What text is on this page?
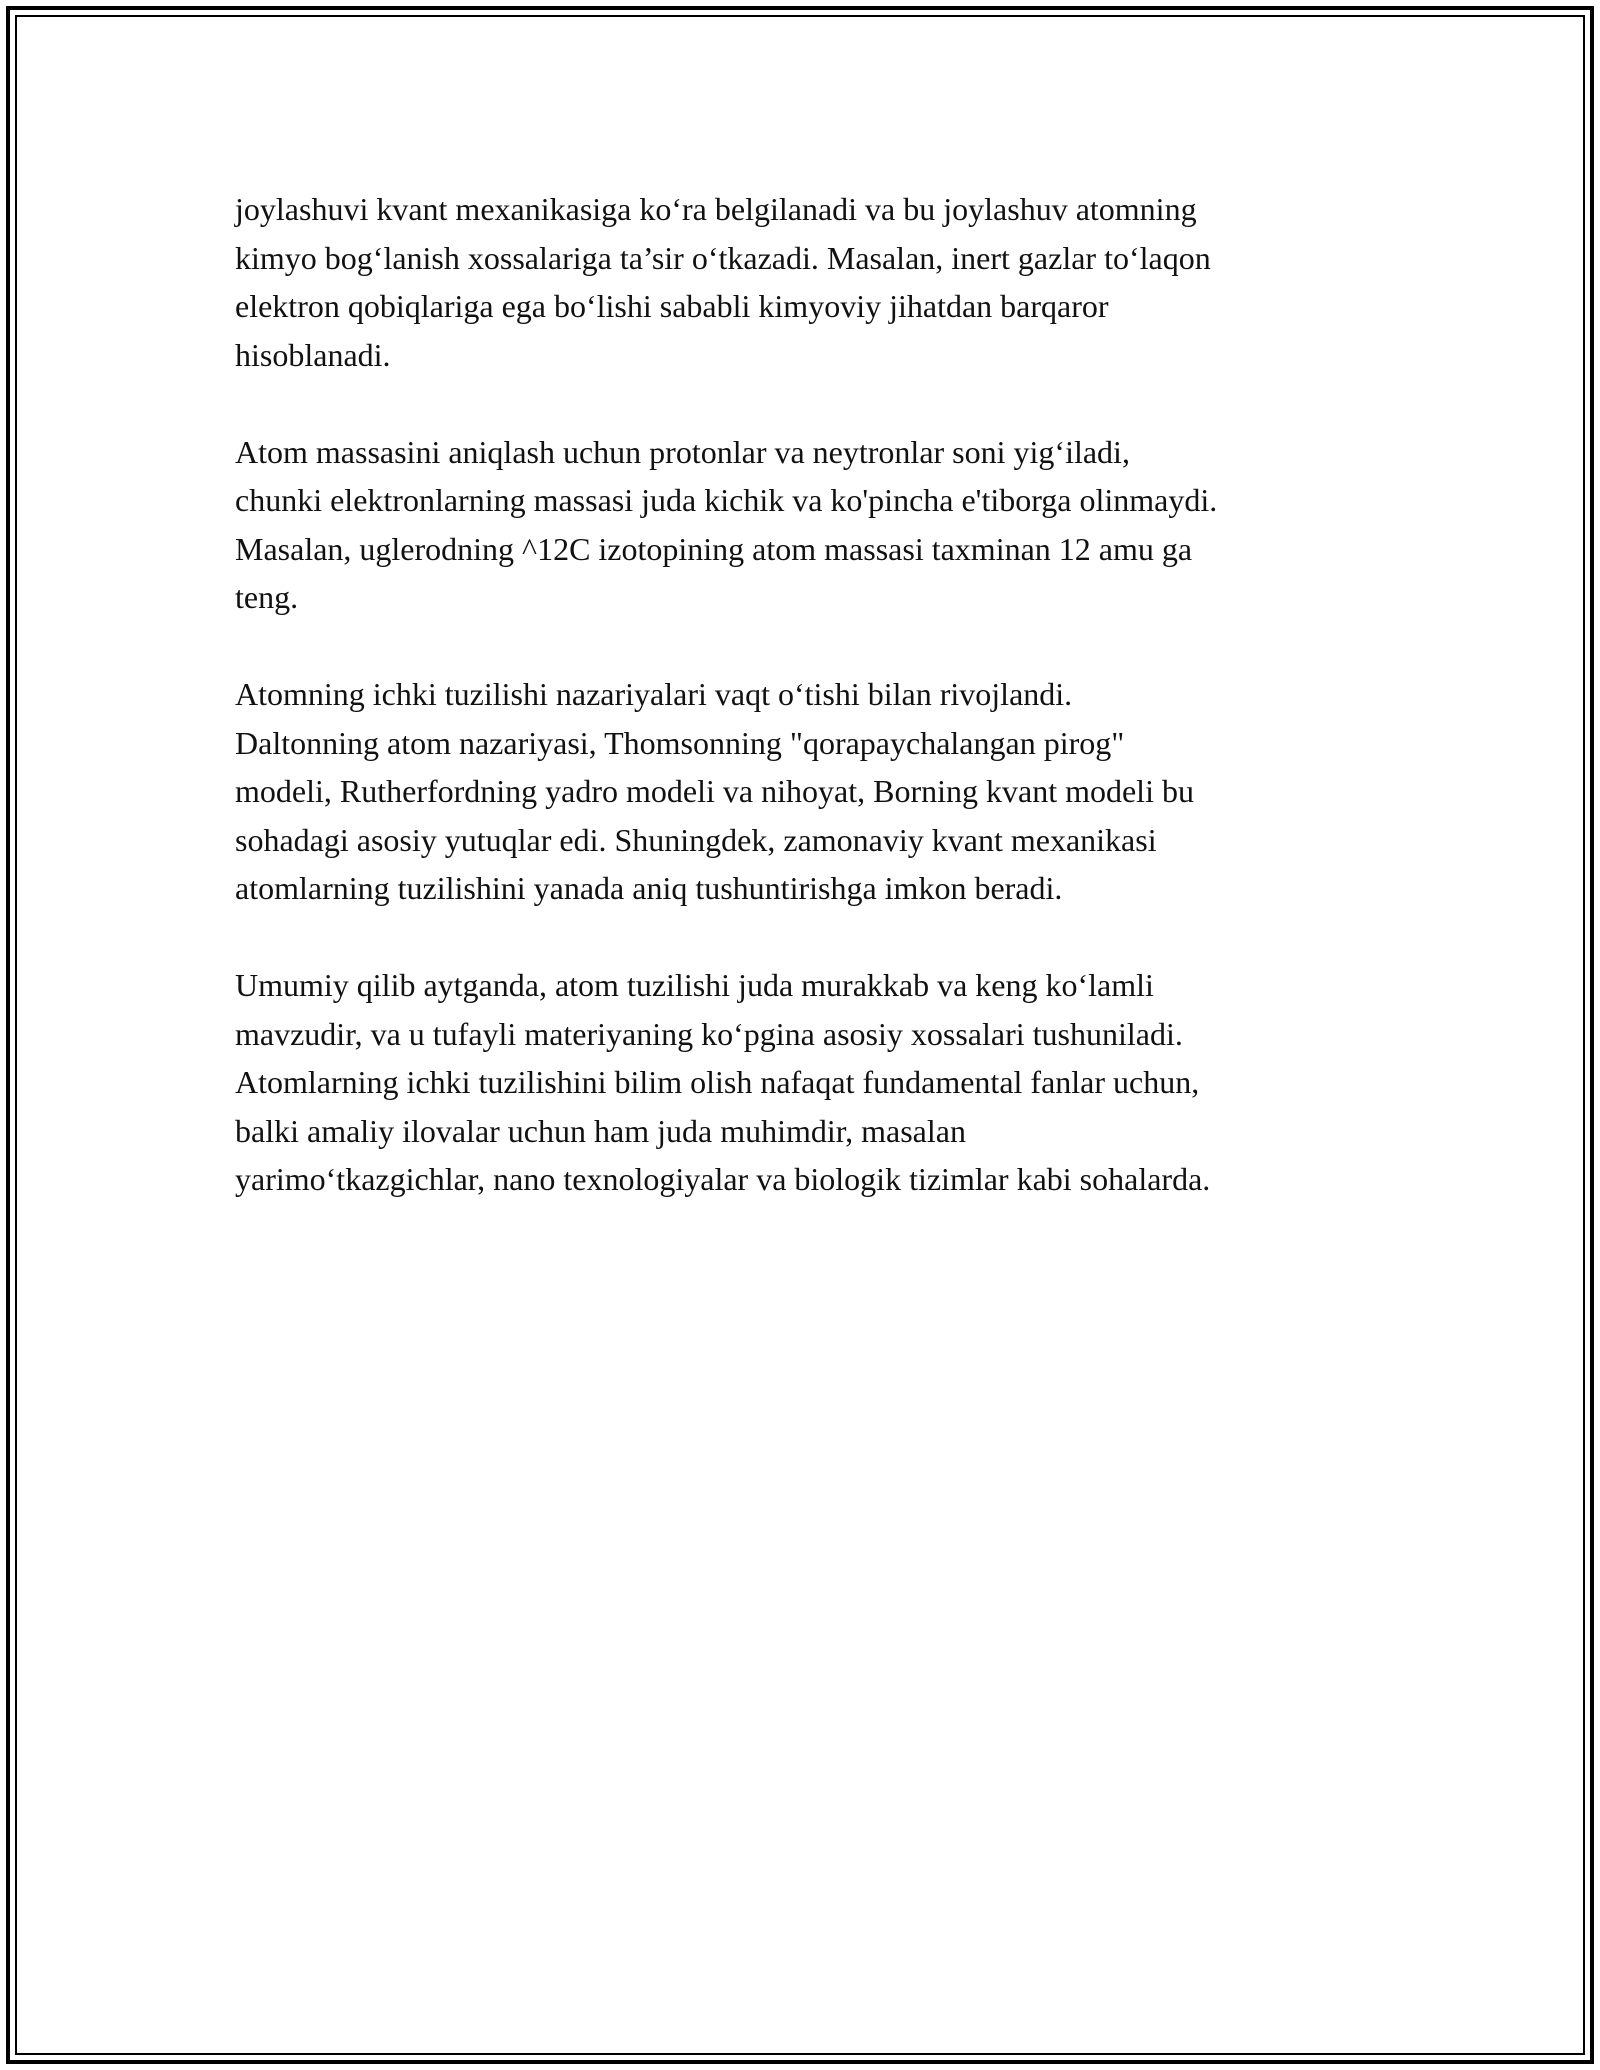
joylashuvi kvant mexanikasiga ko‘ra belgilanadi va bu joylashuv atomning
kimyo bog‘lanish xossalariga ta’sir o‘tkazadi. Masalan, inert gazlar to‘laqon
elektron qobiqlariga ega bo‘lishi sababli kimyoviy jihatdan barqaror
hisoblanadi.

Atom massasini aniqlash uchun protonlar va neytronlar soni yig‘iladi,
chunki elektronlarning massasi juda kichik va ko'pincha e'tiborga olinmaydi.
Masalan, uglerodning ^12C izotopining atom massasi taxminan 12 amu ga
teng.

Atomning ichki tuzilishi nazariyalari vaqt o‘tishi bilan rivojlandi.
Daltonning atom nazariyasi, Thomsonning "qorapaychalangan pirog"
modeli, Rutherfordning yadro modeli va nihoyat, Borning kvant modeli bu
sohadagi asosiy yutuqlar edi. Shuningdek, zamonaviy kvant mexanikasi
atomlarning tuzilishini yanada aniq tushuntirishga imkon beradi.

Umumiy qilib aytganda, atom tuzilishi juda murakkab va keng ko‘lamli
mavzudir, va u tufayli materiyaning ko‘pgina asosiy xossalari tushuniladi.
Atomlarning ichki tuzilishini bilim olish nafaqat fundamental fanlar uchun,
balki amaliy ilovalar uchun ham juda muhimdir, masalan
yarimo‘tkazgichlar, nano texnologiyalar va biologik tizimlar kabi sohalarda.
